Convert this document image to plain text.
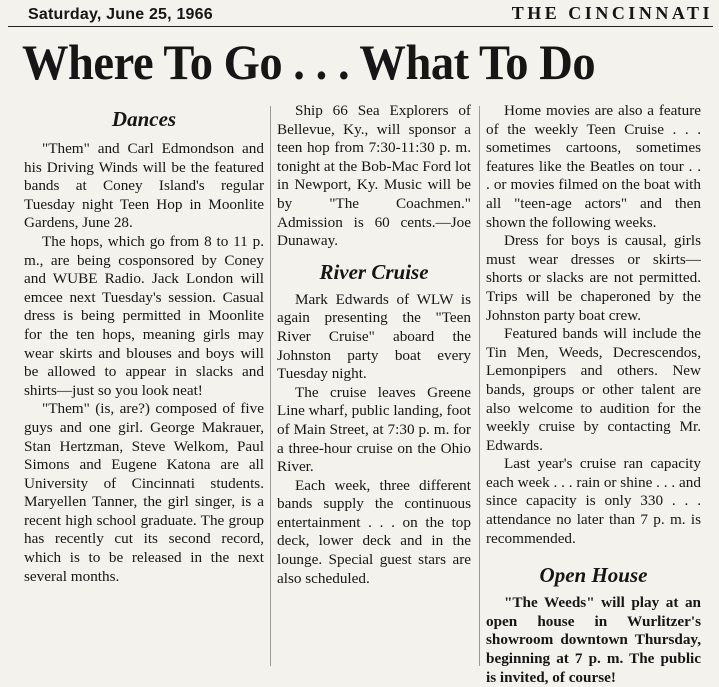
Saturday, June 25, 1966	THE CINCINNATI
Where To Go . . . What To Do
Dances

"Them" and Carl Edmondson and his Driving Winds will be the featured bands at Coney Island's regular Tuesday night Teen Hop in Moonlite Gardens, June 28.

The hops, which go from 8 to 11 p. m., are being cosponsored by Coney and WUBE Radio. Jack London will emcee next Tuesday's session. Casual dress is being permitted in Moonlite for the ten hops, meaning girls may wear skirts and blouses and boys will be allowed to appear in slacks and shirts—just so you look neat!

"Them" (is, are?) composed of five guys and one girl. George Makrauer, Stan Hertzman, Steve Welkom, Paul Simons and Eugene Katona are all University of Cincinnati students. Maryellen Tanner, the girl singer, is a recent high school graduate. The group has recently cut its second record, which is to be released in the next several months.

Ship 66 Sea Explorers of Bellevue, Ky., will sponsor a teen hop from 7:30-11:30 p. m. tonight at the Bob-Mac Ford lot in Newport, Ky. Music will be by "The Coachmen." Admission is 60 cents.—Joe Dunaway.

River Cruise

Mark Edwards of WLW is again presenting the "Teen River Cruise" aboard the Johnston party boat every Tuesday night.

The cruise leaves Greene Line wharf, public landing, foot of Main Street, at 7:30 p. m. for a three-hour cruise on the Ohio River.

Each week, three different bands supply the continuous entertainment . . . on the top deck, lower deck and in the lounge. Special guest stars are also scheduled.

Home movies are also a feature of the weekly Teen Cruise . . . sometimes cartoons, sometimes features like the Beatles on tour . . . or movies filmed on the boat with all "teen-age actors" and then shown the following weeks.

Dress for boys is causal, girls must wear dresses or skirts—shorts or slacks are not permitted. Trips will be chaperoned by the Johnston party boat crew.

Featured bands will include the Tin Men, Weeds, Decrescendos, Lemonpipers and others. New bands, groups or other talent are also welcome to audition for the weekly cruise by contacting Mr. Edwards.

Last year's cruise ran capacity each week . . . rain or shine . . . and since capacity is only 330 . . . attendance no later than 7 p. m. is recommended.

Open House

"The Weeds" will play at an open house in Wurlitzer's showroom downtown Thursday, beginning at 7 p. m. The public is invited, of course!
